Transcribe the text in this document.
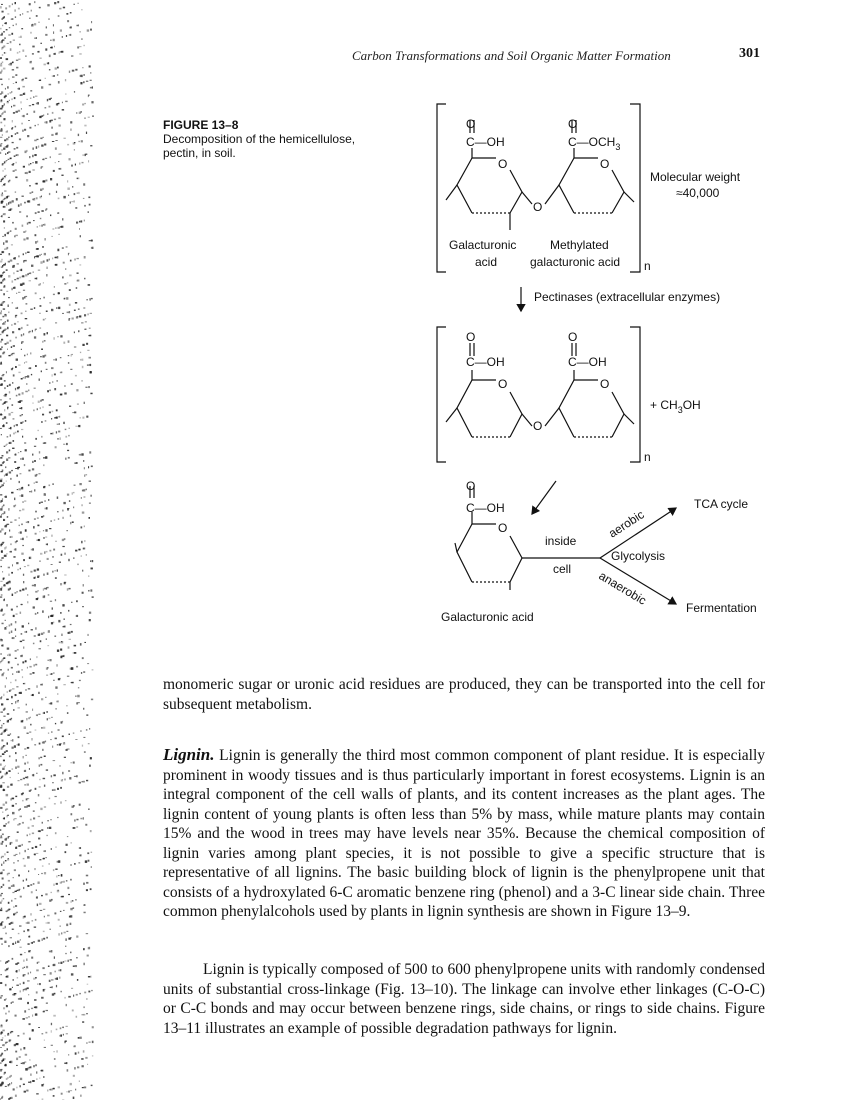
Carbon Transformations and Soil Organic Matter Formation	301
FIGURE 13–8
Decomposition of the hemicellulose, pectin, in soil.
O
C—OH
O
$C—OCH_3$
O	O
O
Galacturonic
acid
Methylated
galacturonic acid n
Molecular weight
≈40,000
Pectinases (extracellular enzymes)
O
C—OH
O
C—OH
O	O
O
+ $CH_3OH$
n
O
C—OH
O
Galacturonic acid
inside
cell
Glycolysis
aerobic
anaerobic
TCA cycle
Fermentation
monomeric sugar or uronic acid residues are produced, they can be transported into the cell for subsequent metabolism.
Lignin. Lignin is generally the third most common component of plant residue. It is especially prominent in woody tissues and is thus particularly important in forest ecosystems. Lignin is an integral component of the cell walls of plants, and its content increases as the plant ages. The lignin content of young plants is often less than 5% by mass, while mature plants may contain 15% and the wood in trees may have levels near 35%. Because the chemical composition of lignin varies among plant species, it is not possible to give a specific structure that is representative of all lignins. The basic building block of lignin is the phenylpropene unit that consists of a hydroxylated 6-C aromatic benzene ring (phenol) and a 3-C linear side chain. Three common phenylalcohols used by plants in lignin synthesis are shown in Figure 13–9.
Lignin is typically composed of 500 to 600 phenylpropene units with randomly condensed units of substantial cross-linkage (Fig. 13–10). The linkage can involve ether linkages (C-O-C) or C-C bonds and may occur between benzene rings, side chains, or rings to side chains. Figure 13–11 illustrates an example of possible degradation pathways for lignin.
